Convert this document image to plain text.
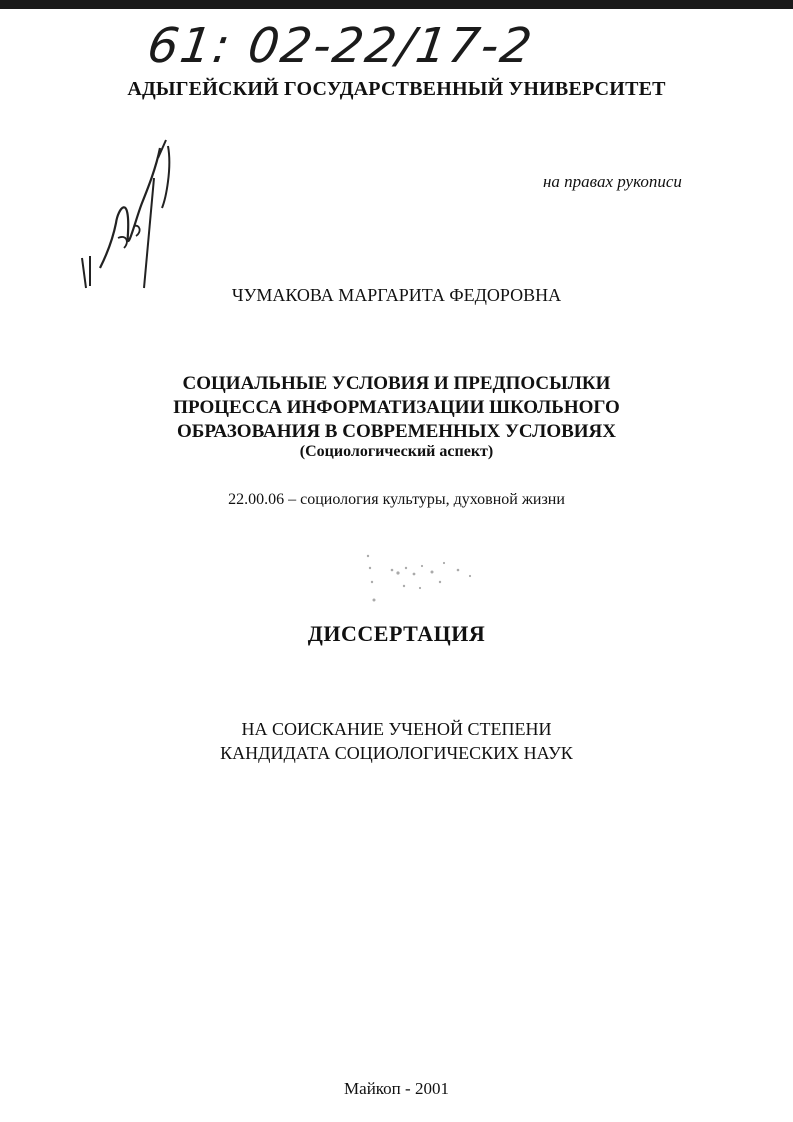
61: 02-22/17-2
АДЫГЕЙСКИЙ ГОСУДАРСТВЕННЫЙ УНИВЕРСИТЕТ
на правах рукописи
ЧУМАКОВА МАРГАРИТА ФЕДОРОВНА
СОЦИАЛЬНЫЕ УСЛОВИЯ И ПРЕДПОСЫЛКИ
ПРОЦЕССА ИНФОРМАТИЗАЦИИ ШКОЛЬНОГО
ОБРАЗОВАНИЯ В СОВРЕМЕННЫХ УСЛОВИЯХ
(Социологический аспект)
22.00.06 – социология культуры, духовной жизни
ДИССЕРТАЦИЯ
НА СОИСКАНИЕ УЧЕНОЙ СТЕПЕНИ
КАНДИДАТА СОЦИОЛОГИЧЕСКИХ НАУК
Майкоп - 2001
